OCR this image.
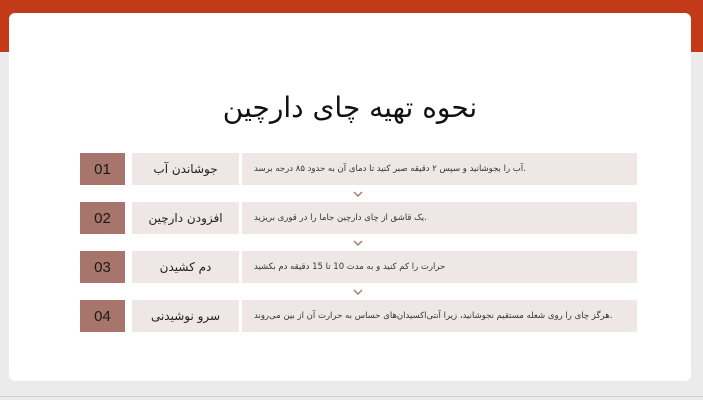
نحوه تهیه چای دارچین
01	جوشاندن آب	.آب را بجوشانید و سپس ۲ دقیقه صبر کنید تا دمای آن به حدود ۸۵ درجه برسد
02	افزودن دارچین	.یک قاشق از چای دارچین جاما را در قوری بریزید
03	دم کشیدن	حرارت را کم کنید و به مدت 10 تا 15 دقیقه دم بکشید
04	سرو نوشیدنی	.هرگز چای را روی شعله مستقیم نجوشانید، زیرا آنتی‌اکسیدان‌های حساس به حرارت آن از بین می‌روند
